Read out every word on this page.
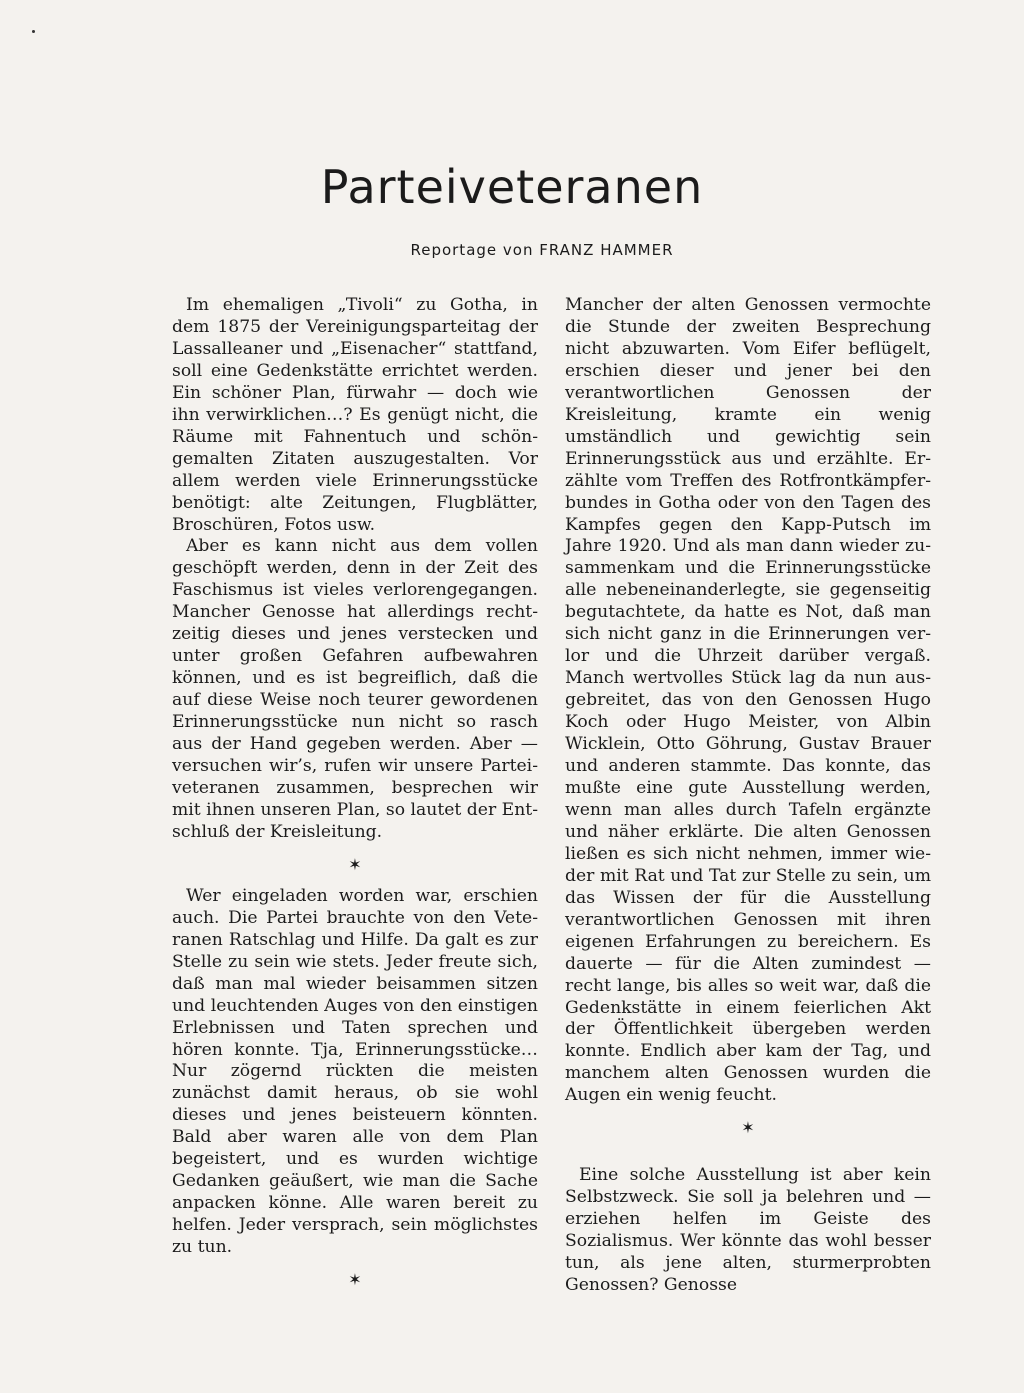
Parteiveteranen
Reportage von FRANZ HAMMER

Im ehemaligen „Tivoli“ zu Gotha, in dem 1875 der Vereinigungsparteitag der Lassalleaner und „Eisenacher“ stattfand, soll eine Gedenkstätte errichtet werden. Ein schöner Plan, fürwahr — doch wie ihn verwirklichen…? Es genügt nicht, die Räume mit Fahnentuch und schöngemalten Zitaten auszugestalten. Vor allem werden viele Erinnerungsstücke benötigt: alte Zeitungen, Flugblätter, Broschüren, Fotos usw.

Aber es kann nicht aus dem vollen geschöpft werden, denn in der Zeit des Faschismus ist vieles verlorengegangen. Mancher Genosse hat allerdings rechtzeitig dieses und jenes verstecken und unter großen Gefahren aufbewahren können, und es ist begreiflich, daß die auf diese Weise noch teurer gewordenen Erinnerungsstücke nun nicht so rasch aus der Hand gegeben werden. Aber — versuchen wir’s, rufen wir unsere Parteiveteranen zusammen, besprechen wir mit ihnen unseren Plan, so lautet der Entschluß der Kreisleitung.

✶

Wer eingeladen worden war, erschien auch. Die Partei brauchte von den Veteranen Ratschlag und Hilfe. Da galt es zur Stelle zu sein wie stets. Jeder freute sich, daß man mal wieder beisammen sitzen und leuchtenden Auges von den einstigen Erlebnissen und Taten sprechen und hören konnte. Tja, Erinnerungsstücke… Nur zögernd rückten die meisten zunächst damit heraus, ob sie wohl dieses und jenes beisteuern könnten. Bald aber waren alle von dem Plan begeistert, und es wurden wichtige Gedanken geäußert, wie man die Sache anpacken könne. Alle waren bereit zu helfen. Jeder versprach, sein möglichstes zu tun.

✶

Mancher der alten Genossen vermochte die Stunde der zweiten Besprechung nicht abzuwarten. Vom Eifer beflügelt, erschien dieser und jener bei den verantwortlichen Genossen der Kreisleitung, kramte ein wenig umständlich und gewichtig sein Erinnerungsstück aus und erzählte. Erzählte vom Treffen des Rotfrontkämpferbundes in Gotha oder von den Tagen des Kampfes gegen den Kapp-Putsch im Jahre 1920. Und als man dann wieder zusammenkam und die Erinnerungsstücke alle nebeneinanderlegte, sie gegenseitig begutachtete, da hatte es Not, daß man sich nicht ganz in die Erinnerungen verlor und die Uhrzeit darüber vergaß. Manch wertvolles Stück lag da nun ausgebreitet, das von den Genossen Hugo Koch oder Hugo Meister, von Albin Wicklein, Otto Göhrung, Gustav Brauer und anderen stammte. Das konnte, das mußte eine gute Ausstellung werden, wenn man alles durch Tafeln ergänzte und näher erklärte. Die alten Genossen ließen es sich nicht nehmen, immer wieder mit Rat und Tat zur Stelle zu sein, um das Wissen der für die Ausstellung verantwortlichen Genossen mit ihren eigenen Erfahrungen zu bereichern. Es dauerte — für die Alten zumindest — recht lange, bis alles so weit war, daß die Gedenkstätte in einem feierlichen Akt der Öffentlichkeit übergeben werden konnte. Endlich aber kam der Tag, und manchem alten Genossen wurden die Augen ein wenig feucht.

✶

Eine solche Ausstellung ist aber kein Selbstzweck. Sie soll ja belehren und — erziehen helfen im Geiste des Sozialismus. Wer könnte das wohl besser tun, als jene alten, sturmerprobten Genossen? Genosse
